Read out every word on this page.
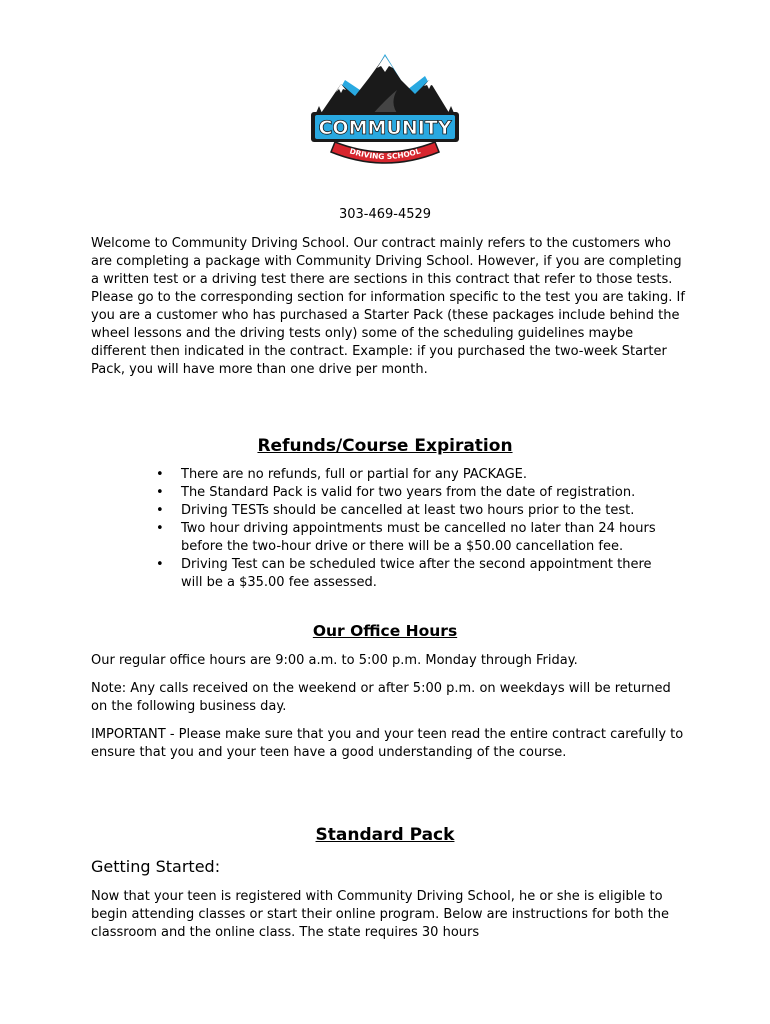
COMMUNITY
DRIVING SCHOOL
303-469-4529

Welcome to Community Driving School. Our contract mainly refers to the customers who are completing a package with Community Driving School. However, if you are completing a written test or a driving test there are sections in this contract that refer to those tests. Please go to the corresponding section for information specific to the test you are taking. If you are a customer who has purchased a Starter Pack (these packages include behind the wheel lessons and the driving tests only) some of the scheduling guidelines maybe different then indicated in the contract. Example: if you purchased the two-week Starter Pack, you will have more than one drive per month.

Refunds/Course Expiration
• There are no refunds, full or partial for any PACKAGE.
• The Standard Pack is valid for two years from the date of registration.
• Driving TESTs should be cancelled at least two hours prior to the test.
• Two hour driving appointments must be cancelled no later than 24 hours before the two-hour drive or there will be a $50.00 cancellation fee.
• Driving Test can be scheduled twice after the second appointment there will be a $35.00 fee assessed.
Our Office Hours

Our regular office hours are 9:00 a.m. to 5:00 p.m. Monday through Friday.

Note: Any calls received on the weekend or after 5:00 p.m. on weekdays will be returned on the following business day.

IMPORTANT - Please make sure that you and your teen read the entire contract carefully to ensure that you and your teen have a good understanding of the course.

Standard Pack
Getting Started:

Now that your teen is registered with Community Driving School, he or she is eligible to begin attending classes or start their online program. Below are instructions for both the classroom and the online class. The state requires 30 hours
